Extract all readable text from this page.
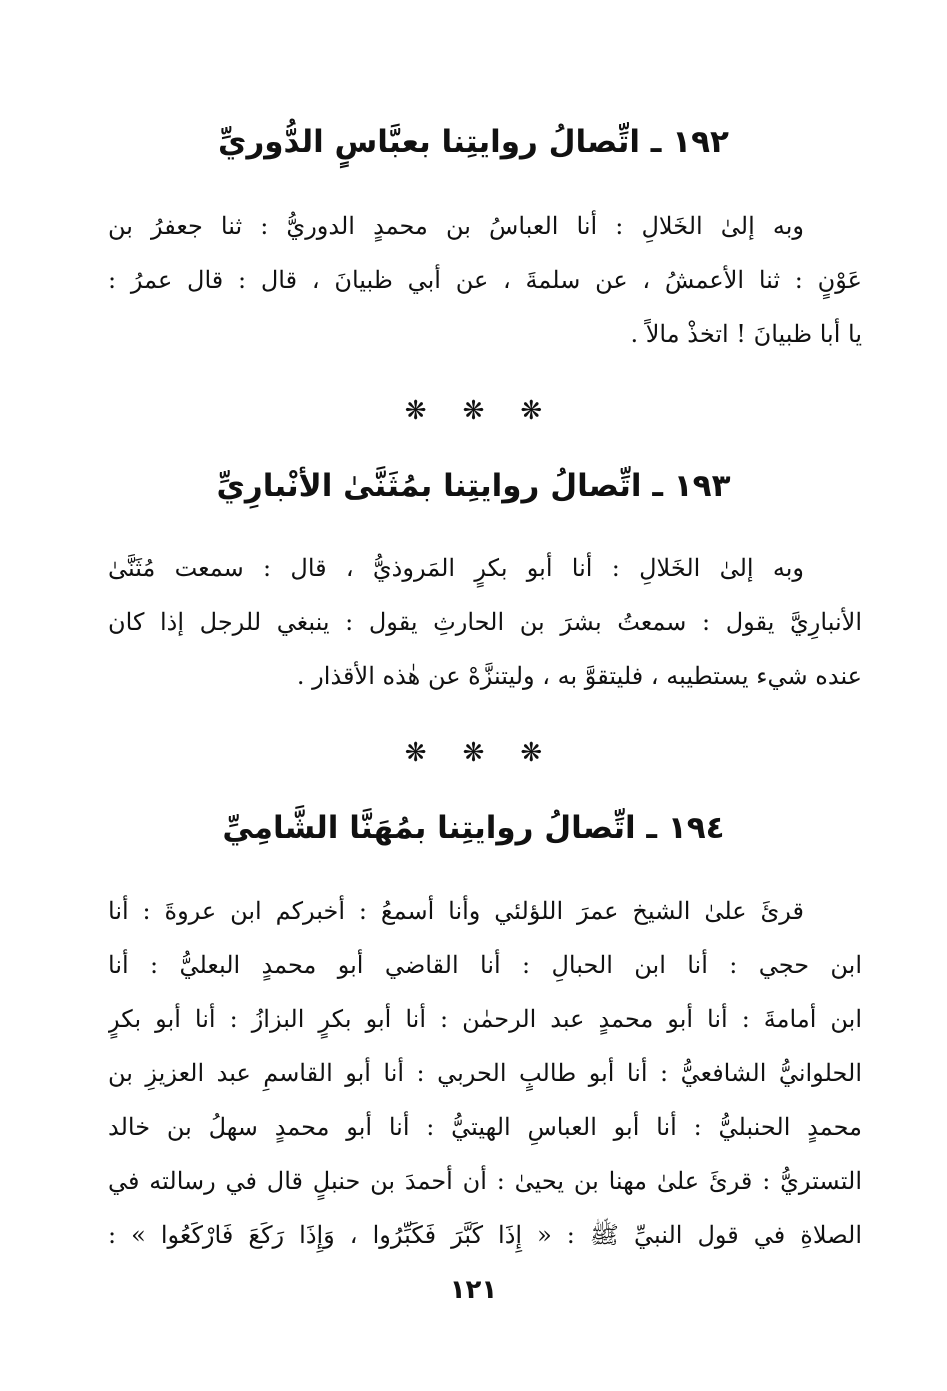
١٩٢ ـ اتِّصالُ روايتِنا بعبَّاسٍ الدُّوريِّ
وبه إلىٰ الخَلالِ : أنا العباسُ بن محمدٍ الدوريُّ : ثنا جعفرُ بن
عَوْنٍ : ثنا الأعمشُ ، عن سلمةَ ، عن أبي ظبيانَ ، قال : قال عمرُ :
يا أبا ظبيانَ ! اتخذْ مالاً .
❋❋❋
١٩٣ ـ اتِّصالُ روايتِنا بمُثَنَّىٰ الأنْبارِيِّ
وبه إلىٰ الخَلالِ : أنا أبو بكرٍ المَروذيُّ ، قال : سمعت مُثَنَّىٰ
الأنبارِيَّ يقول : سمعتُ بشرَ بن الحارثِ يقول : ينبغي للرجل إذا كان
عنده شيء يستطيبه ، فليتقوَّ به ، وليتنزَّهْ عن هٰذه الأقذار .
❋❋❋
١٩٤ ـ اتِّصالُ روايتِنا بمُهَنَّا الشَّامِيِّ
قرئَ علىٰ الشيخ عمرَ اللؤلئي وأنا أسمعُ : أخبركم ابن عروةَ : أنا
ابن حجي : أنا ابن الحبالِ : أنا القاضي أبو محمدٍ البعليُّ : أنا
ابن أمامةَ : أنا أبو محمدٍ عبد الرحمٰن : أنا أبو بكرٍ البزازُ : أنا أبو بكرٍ
الحلوانيُّ الشافعيُّ : أنا أبو طالبٍ الحربي : أنا أبو القاسمِ عبد العزيزِ بن
محمدٍ الحنبليُّ : أنا أبو العباسِ الهيتيُّ : أنا أبو محمدٍ سهلُ بن خالد
التستريُّ : قرئَ علىٰ مهنا بن يحيىٰ : أن أحمدَ بن حنبلٍ قال في رسالته في
الصلاةِ في قول النبيِّ ﷺ : « إِذَا كَبَّرَ فَكَبِّرُوا ، وَإِذَا رَكَعَ فَارْكَعُوا » :
١٢١
